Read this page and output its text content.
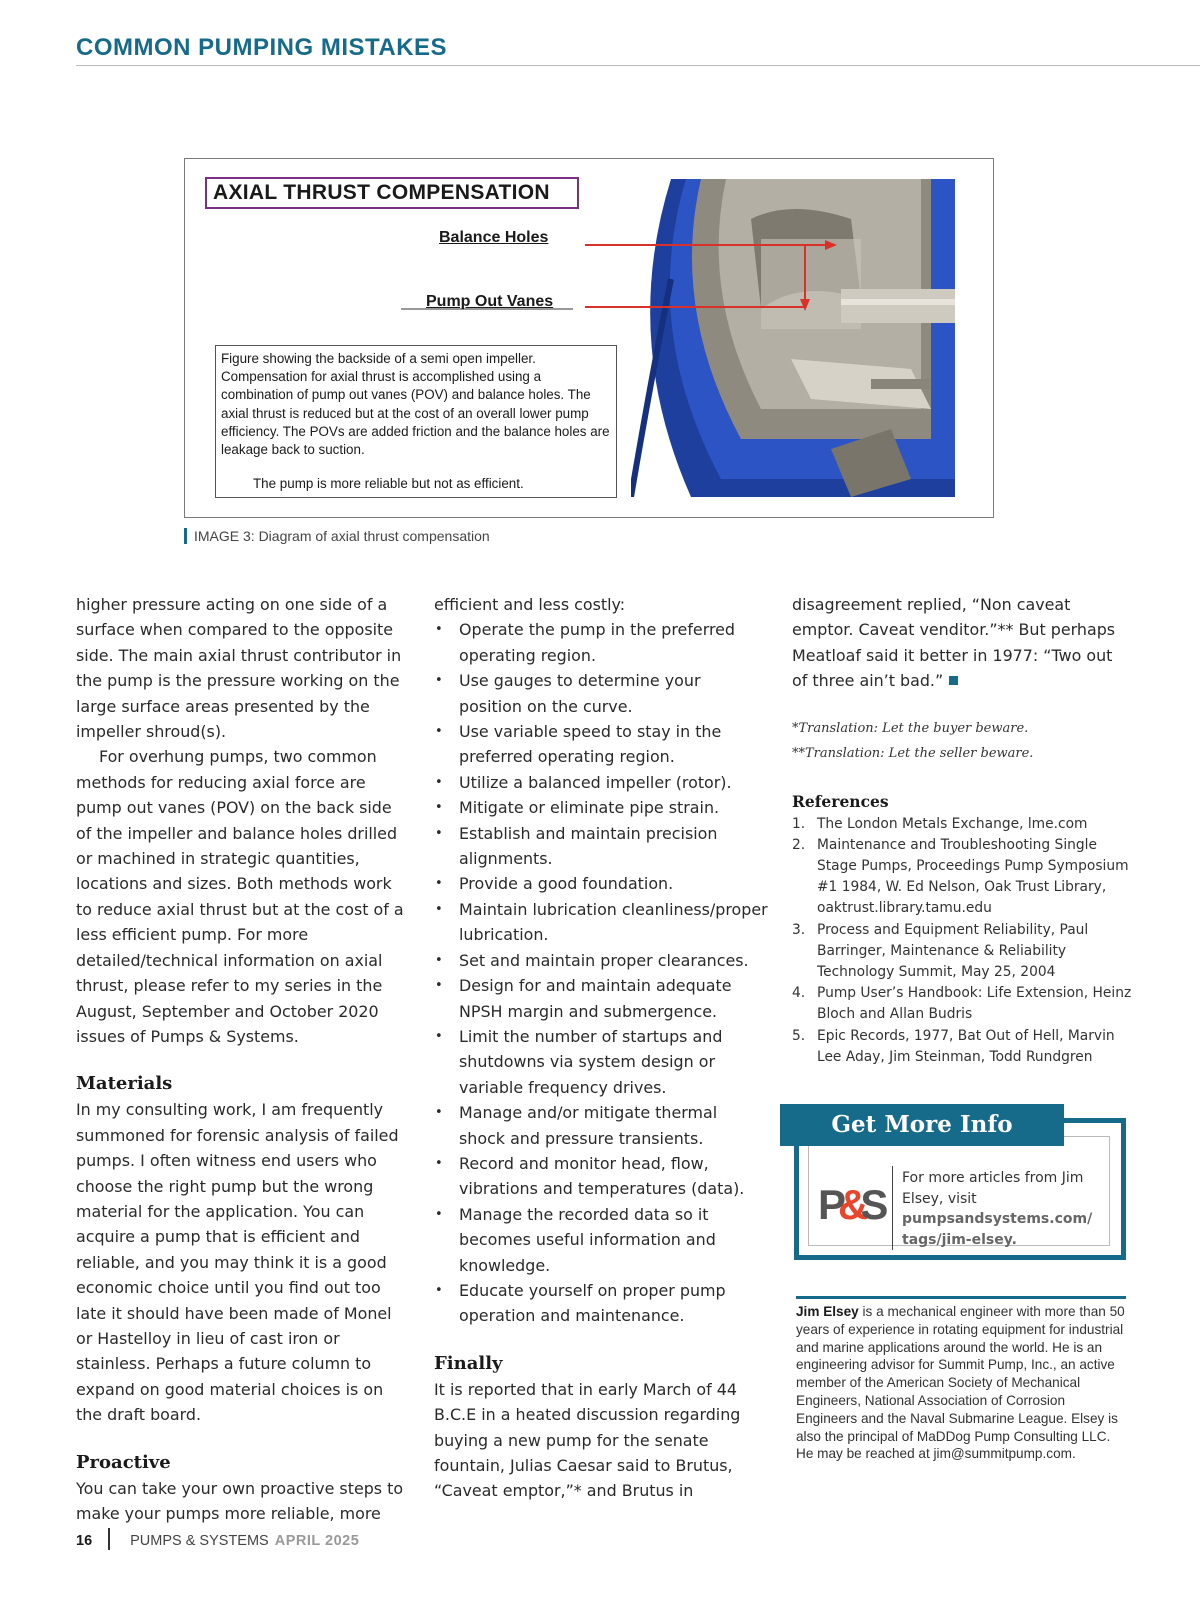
COMMON PUMPING MISTAKES
AXIAL THRUST COMPENSATION
Balance Holes
Pump Out Vanes
Figure showing the backside of a semi open impeller. Compensation for axial thrust is accomplished using a combination of pump out vanes (POV) and balance holes. The axial thrust is reduced but at the cost of an overall lower pump efficiency. The POVs are added friction and the balance holes are leakage back to suction.
The pump is more reliable but not as efficient.
IMAGE 3: Diagram of axial thrust compensation

higher pressure acting on one side of a surface when compared to the opposite side. The main axial thrust contributor in the pump is the pressure working on the large surface areas presented by the impeller shroud(s).

For overhung pumps, two common methods for reducing axial force are pump out vanes (POV) on the back side of the impeller and balance holes drilled or machined in strategic quantities, locations and sizes. Both methods work to reduce axial thrust but at the cost of a less efficient pump. For more detailed/technical information on axial thrust, please refer to my series in the August, September and October 2020 issues of Pumps & Systems.

Materials

In my consulting work, I am frequently summoned for forensic analysis of failed pumps. I often witness end users who choose the right pump but the wrong material for the application. You can acquire a pump that is efficient and reliable, and you may think it is a good economic choice until you find out too late it should have been made of Monel or Hastelloy in lieu of cast iron or stainless. Perhaps a future column to expand on good material choices is on the draft board.

Proactive

You can take your own proactive steps to make your pumps more reliable, more

efficient and less costly:

• Operate the pump in the preferred operating region.
• Use gauges to determine your position on the curve.
• Use variable speed to stay in the preferred operating region.
• Utilize a balanced impeller (rotor).
• Mitigate or eliminate pipe strain.
• Establish and maintain precision alignments.
• Provide a good foundation.
• Maintain lubrication cleanliness/proper lubrication.
• Set and maintain proper clearances.
• Design for and maintain adequate NPSH margin and submergence.
• Limit the number of startups and shutdowns via system design or variable frequency drives.
• Manage and/or mitigate thermal shock and pressure transients.
• Record and monitor head, flow, vibrations and temperatures (data).
• Manage the recorded data so it becomes useful information and knowledge.
• Educate yourself on proper pump operation and maintenance.
Finally

It is reported that in early March of 44 B.C.E in a heated discussion regarding buying a new pump for the senate fountain, Julias Caesar said to Brutus, “Caveat emptor,”* and Brutus in

disagreement replied, “Non caveat emptor. Caveat venditor.”** But perhaps Meatloaf said it better in 1977: “Two out of three ain’t bad.”

*Translation: Let the buyer beware.

**Translation: Let the seller beware.

References
1. The London Metals Exchange, lme.com
2. Maintenance and Troubleshooting Single Stage Pumps, Proceedings Pump Symposium #1 1984, W. Ed Nelson, Oak Trust Library, oaktrust.library.tamu.edu
3. Process and Equipment Reliability, Paul Barringer, Maintenance & Reliability Technology Summit, May 25, 2004
4. Pump User’s Handbook: Life Extension, Heinz Bloch and Allan Budris
5. Epic Records, 1977, Bat Out of Hell, Marvin Lee Aday, Jim Steinman, Todd Rundgren
Get More Info
P&S
For more articles from Jim Elsey, visit
pumpsandsystems.com/ tags/jim-elsey.
Jim Elsey is a mechanical engineer with more than 50 years of experience in rotating equipment for industrial and marine applications around the world. He is an engineering advisor for Summit Pump, Inc., an active member of the American Society of Mechanical Engineers, National Association of Corrosion Engineers and the Naval Submarine League. Elsey is also the principal of MaDDog Pump Consulting LLC. He may be reached at jim@summitpump.com.
16	PUMPS & SYSTEMS APRIL 2025
